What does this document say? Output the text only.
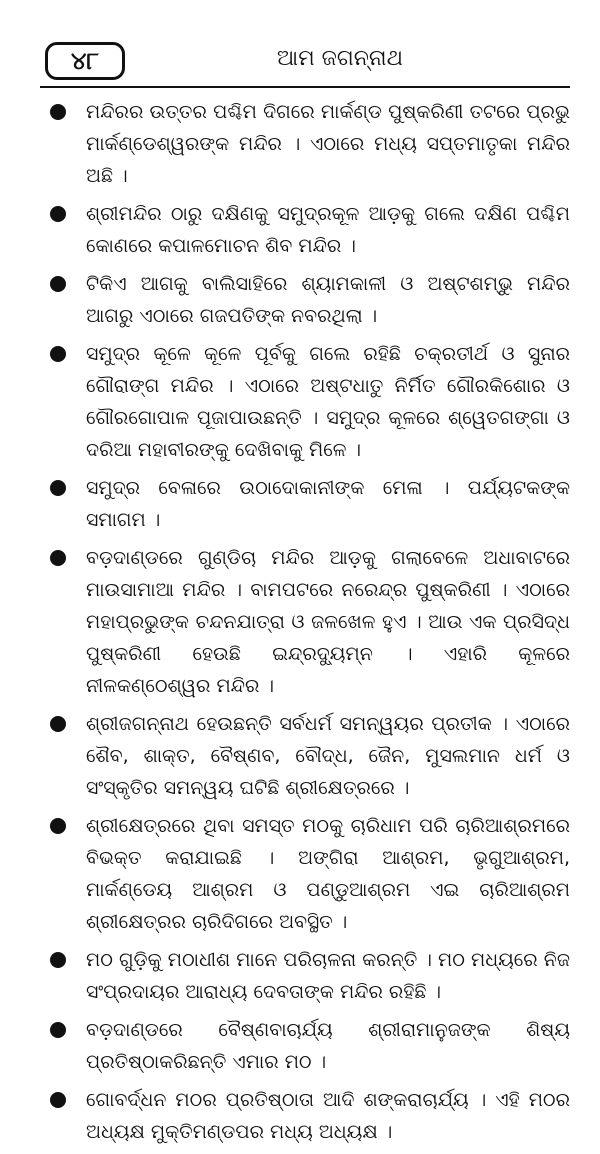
୪୮	ଆମ ଜଗନ୍ନାଥ
ମନ୍ଦିରର ଉତ୍ତର ପଶ୍ଚିମ ଦିଗରେ ମାର୍କଣ୍ଡ ପୁଷ୍କରିଣୀ ତଟରେ ପ୍ରଭୁ ମାର୍କଣ୍ଡେଶ୍ୱରଙ୍କ ମନ୍ଦିର । ଏଠାରେ ମଧ୍ୟ ସପ୍ତମାତୃକା ମନ୍ଦିର ଅଛି ।
ଶ୍ରୀମନ୍ଦିର ଠାରୁ ଦକ୍ଷିଣକୁ ସମୁଦ୍ରକୂଳ ଆଡ଼କୁ ଗଲେ ଦକ୍ଷିଣ ପଶ୍ଚିମ କୋଣରେ କପାଳମୋଚନ ଶିବ ମନ୍ଦିର ।
ଟିକିଏ ଆଗକୁ ବାଲିସାହିରେ ଶ୍ୟାମକାଳୀ ଓ ଅଷ୍ଟଶମ୍ଭୁ ମନ୍ଦିର ଆଗରୁ ଏଠାରେ ଗଜପତିଙ୍କ ନବରଥିଲା ।
ସମୁଦ୍ର କୂଳେ କୂଳେ ପୂର୍ବକୁ ଗଲେ ରହିଛି ଚକ୍ରତୀର୍ଥ ଓ ସୁନାର ଗୌରାଙ୍ଗ ମନ୍ଦିର । ଏଠାରେ ଅଷ୍ଟଧାତୁ ନିର୍ମିତ ଗୌରକିଶୋର ଓ ଗୌରଗୋପାଳ ପୂଜାପାଉଛନ୍ତି । ସମୁଦ୍ର କୂଳରେ ଶ୍ୱେତଗଙ୍ଗା ଓ ଦରିଆ ମହାବୀରଙ୍କୁ ଦେଖିବାକୁ ମିଳେ ।
ସମୁଦ୍ର ବେଳାରେ ଉଠାଦୋକାନୀଙ୍କ ମେଳା । ପର୍ଯ୍ୟଟକଙ୍କ ସମାଗମ ।
ବଡ଼ଦାଣ୍ଡରେ ଗୁଣ୍ଡିଚା ମନ୍ଦିର ଆଡ଼କୁ ଗଲାବେଳେ ଅଧାବାଟରେ ମାଉସାମାଆ ମନ୍ଦିର । ବାମପଟରେ ନରେନ୍ଦ୍ର ପୁଷ୍କରିଣୀ । ଏଠାରେ ମହାପ୍ରଭୁଙ୍କ ଚନ୍ଦନଯାତ୍ରା ଓ ଜଳଖେଳ ହୁଏ । ଆଉ ଏକ ପ୍ରସିଦ୍ଧ ପୁଷ୍କରିଣୀ ହେଉଛି ଇନ୍ଦ୍ରଦ୍ୟୁମ୍ନ । ଏହାରି କୂଳରେ ନୀଳକଣ୍ଠେଶ୍ୱର ମନ୍ଦିର ।
ଶ୍ରୀଜଗନ୍ନାଥ ହେଉଛନ୍ତି ସର୍ବଧର୍ମ ସମନ୍ୱୟର ପ୍ରତୀକ । ଏଠାରେ ଶୈବ, ଶାକ୍ତ, ବୈଷ୍ଣବ, ବୌଦ୍ଧ, ଜୈନ, ମୁସଲମାନ ଧର୍ମ ଓ ସଂସ୍କୃତିର ସମନ୍ୱୟ ଘଟିଛି ଶ୍ରୀକ୍ଷେତ୍ରରେ ।
ଶ୍ରୀକ୍ଷେତ୍ରରେ ଥିବା ସମସ୍ତ ମଠକୁ ଚାରିଧାମ ପରି ଚାରିଆଶ୍ରମରେ ବିଭକ୍ତ କରାଯାଇଛି । ଅଙ୍ଗିରା ଆଶ୍ରମ, ଭୃଗୁଆଶ୍ରମ, ମାର୍କଣ୍ଡେୟ ଆଶ୍ରମ ଓ ପଣ୍ଡୁଆଶ୍ରମ ଏଇ ଚାରିଆଶ୍ରମ ଶ୍ରୀକ୍ଷେତ୍ରର ଚାରିଦିଗରେ ଅବସ୍ଥିତ ।
ମଠ ଗୁଡ଼ିକୁ ମଠାଧୀଶ ମାନେ ପରିଚାଳନା କରନ୍ତି । ମଠ ମଧ୍ୟରେ ନିଜ ସଂପ୍ରଦାୟର ଆରାଧ୍ୟ ଦେବତାଙ୍କ ମନ୍ଦିର ରହିଛି ।
ବଡ଼ଦାଣ୍ଡରେ ବୈଷ୍ଣବାଚାର୍ଯ୍ୟ ଶ୍ରୀରାମାନୁଜଙ୍କ ଶିଷ୍ୟ ପ୍ରତିଷ୍ଠାକରିଛନ୍ତି ଏମାର ମଠ ।
ଗୋବର୍ଦ୍ଧନ ମଠର ପ୍ରତିଷ୍ଠାତା ଆଦି ଶଙ୍କରାଚାର୍ଯ୍ୟ । ଏହି ମଠର ଅଧ୍ୟକ୍ଷ ମୁକ୍ତିମଣ୍ଡପର ମଧ୍ୟ ଅଧ୍ୟକ୍ଷ ।
